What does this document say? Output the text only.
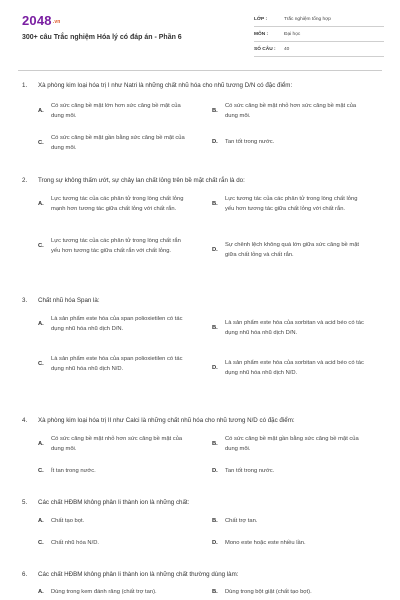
2048.vn
300+ câu Trắc nghiệm Hóa lý có đáp án - Phần 6
LỚP :	Trắc nghiệm tổng hợp
MÔN :	Đại học
SỐ CÂU :	40
1.	Xà phòng kim loại hóa trị I như Natri là những chất nhũ hóa cho nhũ tương D/N có đặc điểm:
A.
Có sức căng bề mặt lớn hơn sức căng bề mặt của dung môi.
B.
Có sức căng bề mặt nhỏ hơn sức căng bề mặt của dung môi.
C.
Có sức căng bề mặt gần bằng sức căng bề mặt của dung môi.
D.	Tan tốt trong nước.
2.	Trong sự không thấm ướt, sự chảy lan chất lỏng trên bề mặt chất rắn là do:
A.
Lực tương tác của các phân tử trong lòng chất lỏng mạnh hơn tương tác giữa chất lỏng với chất rắn.
B.
Lực tương tác của các phân tử trong lòng chất lỏng yếu hơn tương tác giữa chất lỏng với chất rắn.
C.
Lực tương tác của các phân tử trong lòng chất rắn yếu hơn tương tác giữa chất rắn với chất lỏng.	D.
Sự chênh lệch không quá lớn giữa sức căng bề mặt giữa chất lỏng và chất rắn.
3.	Chất nhũ hóa Span là:
A.
Là sản phẩm este hóa của span polioxietilen có tác dụng nhũ hóa nhũ dịch D/N.	B.
Là sản phẩm este hóa của sorbitan và acid béo có tác dụng nhũ hóa nhũ dịch D/N.
C.
Là sản phẩm este hóa của span polioxietilen có tác dụng nhũ hóa nhũ dịch N/D.	D.
Là sản phẩm este hóa của sorbitan và acid béo có tác dụng nhũ hóa nhũ dịch N/D.
4.	Xà phòng kim loại hóa trị II như Calci là những chất nhũ hóa cho nhũ tương N/D có đặc điểm:
A.
Có sức căng bề mặt nhỏ hơn sức căng bề mặt của dung môi.
B.
Có sức căng bề mặt gần bằng sức căng bề mặt của dung môi.
C.	Ít tan trong nước.	D.	Tan tốt trong nước.
5.	Các chất HĐBM không phân li thành ion là những chất:
A.	Chất tạo bọt.	B.	Chất trợ tan.
C.	Chất nhũ hóa N/D.	D.	Mono este hoặc este nhiều lần.
6.	Các chất HĐBM không phân li thành ion là những chất thường dùng làm:
A.	Dùng trong kem đánh răng (chất trợ tan).	B.	Dùng trong bột giặt (chất tạo bọt).
